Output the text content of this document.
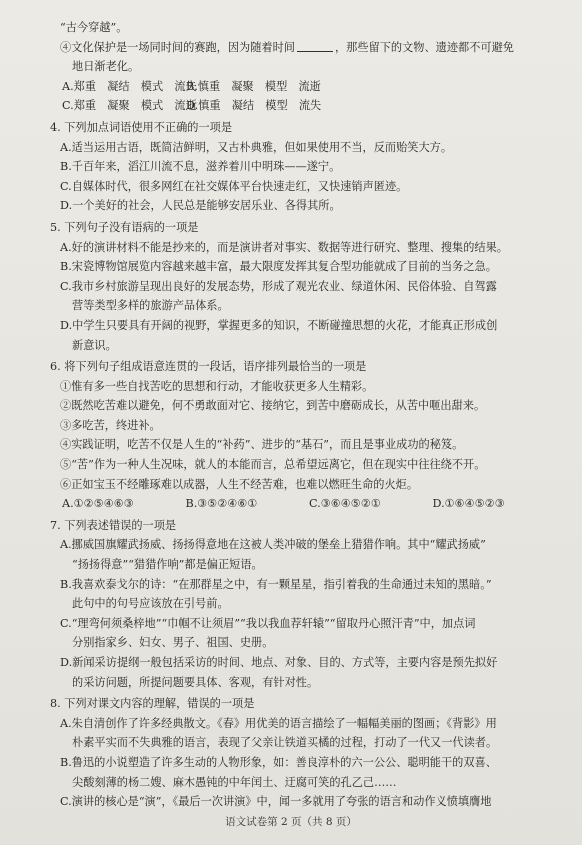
“古今穿越”。

④文化保护是一场同时间的赛跑，因为随着时间	，那些留下的文物、遗迹都不可避免

地日渐老化。

A.郑重　凝结　模式　流失
B.慎重　凝聚　模型　流逝
C.郑重　凝聚　模式　流逝
D.慎重　凝结　模型　流失

4. 下列加点词语使用不正确的一项是

A.适当运用古语，既简洁鲜明，又古朴典雅，但如果使用不当，反而贻笑大方。

B.千百年来，滔江川流不息，滋养着川中明珠——遂宁。

C.自媒体时代，很多网红在社交媒体平台快速走红，又快速销声匿迹。

D.一个美好的社会，人民总是能够安居乐业、各得其所。

5. 下列句子没有语病的一项是

A.好的演讲材料不能是抄来的，而是演讲者对事实、数据等进行研究、整理、搜集的结果。

B.宋瓷博物馆展览内容越来越丰富，最大限度发挥其复合型功能就成了目前的当务之急。

C.我市乡村旅游呈现出良好的发展态势，形成了观光农业、绿道休闲、民俗体验、自驾露

营等类型多样的旅游产品体系。

D.中学生只要具有开阔的视野，掌握更多的知识，不断碰撞思想的火花，才能真正形成创

新意识。

6. 将下列句子组成语意连贯的一段话，语序排列最恰当的一项是

①惟有多一些自找苦吃的思想和行动，才能收获更多人生精彩。

②既然吃苦难以避免，何不勇敢面对它、接纳它，到苦中磨砺成长，从苦中咂出甜来。

③多吃苦，终进补。

④实践证明，吃苦不仅是人生的“补药”、进步的“基石”，而且是事业成功的秘笈。

⑤“苦”作为一种人生况味，就人的本能而言，总希望远离它，但在现实中往往绕不开。

⑥正如宝玉不经雕琢难以成器，人生不经苦难，也难以燃旺生命的火炬。

A.①②⑤④⑥③	B.③⑤②④⑥①	C.③⑥④⑤②①	D.①⑥④⑤②③

7. 下列表述错误的一项是

A.挪威国旗耀武扬威、扬扬得意地在这被人类冲破的堡垒上猎猎作响。其中“耀武扬威”

“扬扬得意”“猎猎作响”都是偏正短语。

B.我喜欢泰戈尔的诗：“在那群星之中，有一颗星星，指引着我的生命通过未知的黑暗。”

此句中的句号应该放在引号前。

C.“理弯何须桑梓地”“巾帼不让须眉”“我以我血荐轩辕”“留取丹心照汗青”中，加点词

分别指家乡、妇女、男子、祖国、史册。

D.新闻采访提纲一般包括采访的时间、地点、对象、目的、方式等，主要内容是预先拟好

的采访问题，所提问题要具体、客观，有针对性。

8. 下列对课文内容的理解，错误的一项是

A.朱自清创作了许多经典散文。《春》用优美的语言描绘了一幅幅美丽的图画；《背影》用

朴素平实而不失典雅的语言，表现了父亲让铁道买橘的过程，打动了一代又一代读者。

B.鲁迅的小说塑造了许多生动的人物形象，如：善良淳朴的六一公公、聪明能干的双喜、

尖酸刻薄的杨二嫂、麻木愚钝的中年闰土、迂腐可笑的孔乙己……

C.演讲的核心是“演”，《最后一次讲演》中，闻一多就用了夸张的语言和动作义愤填膺地

语文试卷第 2 页（共 8 页）
